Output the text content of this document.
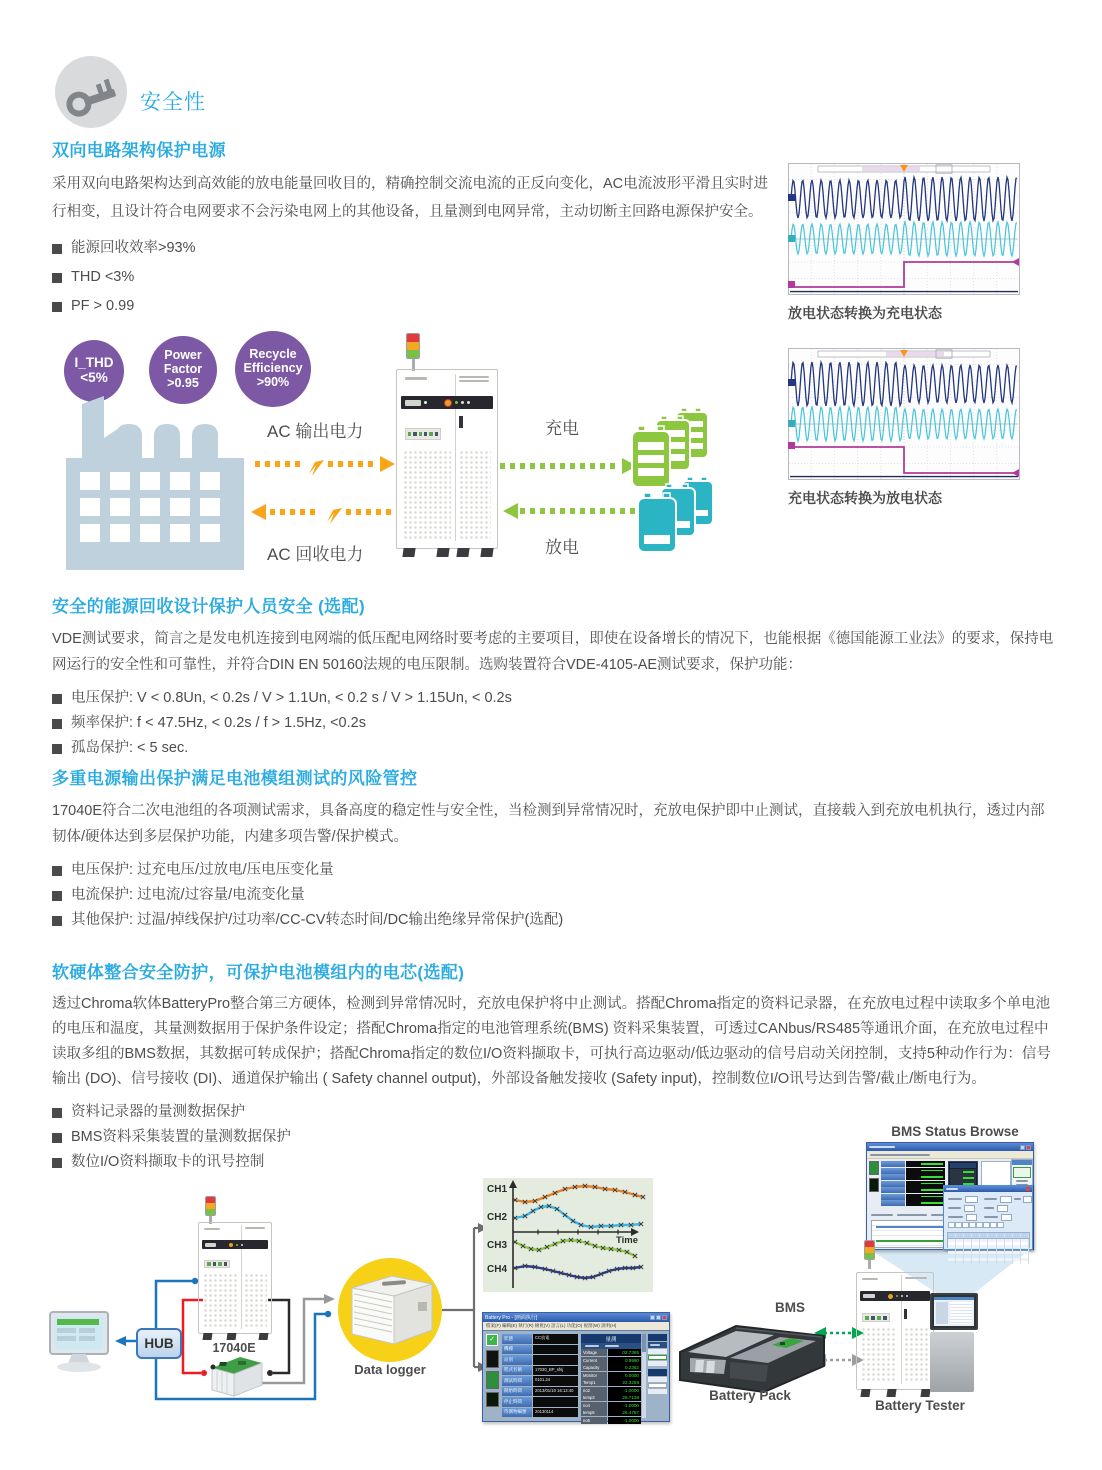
安全性
双向电路架构保护电源

采用双向电路架构达到高效能的放电能量回收目的，精确控制交流电流的正反向变化，AC电流波形平滑且实时进行相变，且设计符合电网要求不会污染电网上的其他设备，且量测到电网异常，主动切断主回路电源保护安全。

能源回收效率>93%
THD <3%
PF > 0.99	放电状态转换为充电状态
充电状态转换为放电状态
I_THD
<5%
Power
Factor
>0.95
Recycle
Efficiency
>90%
AC 输出电力
AC 回收电力
充电
放电
安全的能源回收设计保护人员安全 (选配)

VDE测试要求，简言之是发电机连接到电网端的低压配电网络时要考虑的主要项目，即使在设备增长的情况下，也能根据《德国能源工业法》的要求，保持电网运行的安全性和可靠性，并符合DIN EN 50160法规的电压限制。选购装置符合VDE-4105-AE测试要求，保护功能：

电压保护: V < 0.8Un, < 0.2s / V > 1.1Un, < 0.2 s / V > 1.15Un, < 0.2s
频率保护: f < 47.5Hz, < 0.2s / f > 1.5Hz, <0.2s
孤岛保护: < 5 sec.
多重电源输出保护满足电池模组测试的风险管控

17040E符合二次电池组的各项测试需求，具备高度的稳定性与安全性，当检测到异常情况时，充放电保护即中止测试，直接载入到充放电机执行，透过内部韧体/硬体达到多层保护功能，内建多项告警/保护模式。

电压保护: 过充电压/过放电/压电压变化量
电流保护: 过电流/过容量/电流变化量
其他保护: 过温/掉线保护/过功率/CC-CV转态时间/DC输出绝缘异常保护(选配)
软硬体整合安全防护，可保护电池模组内的电芯(选配)

透过Chroma软体BatteryPro整合第三方硬体，检测到异常情况时，充放电保护将中止测试。搭配Chroma指定的资料记录器，在充放电过程中读取多个单电池的电压和温度，其量测数据用于保护条件设定；搭配Chroma指定的电池管理系统(BMS) 资料采集装置，可透过CANbus/RS485等通讯介面，在充放电过程中读取多组的BMS数据，其数据可转成保护；搭配Chroma指定的数位I/O资料撷取卡，可执行高边驱动/低边驱动的信号启动关闭控制，支持5种动作行为：信号输出 (DO)、信号接收 (DI)、通道保护输出 ( Safety channel output)，外部设备触发接收 (Safety input)，控制数位I/O讯号达到告警/截止/断电行为。

资料记录器的量测数据保护
BMS资料采集装置的量测数据保护
数位I/O资料撷取卡的讯号控制
HUB	17040E
Data logger
CH1
CH2
CH3
CH4
Time
Battery Pro - [画面执行]
檔案(F) 編輯(E) 執行(R) 檢視(V) 語言(L) 功能(O) 視窗(W) 說明(H)
✓	狀態	CC放電
機種
站別
程式名稱	17030_BP_sfsj
測試時間	0101.24
開始時間	2013/01/10 16:13:40
停止時間
待測物編號	20130114
量測
Voltage	02.7365
Current	0.9960
Capacity	0.2362
Monitor	0.0000
Temp1	22.3258
no2	-1.0000
temp3	26.7138
no4	-1.0000
temp5	26.4787
no6	-1.0000
BMS Status Browse
BMS
Battery Pack
Battery Tester
